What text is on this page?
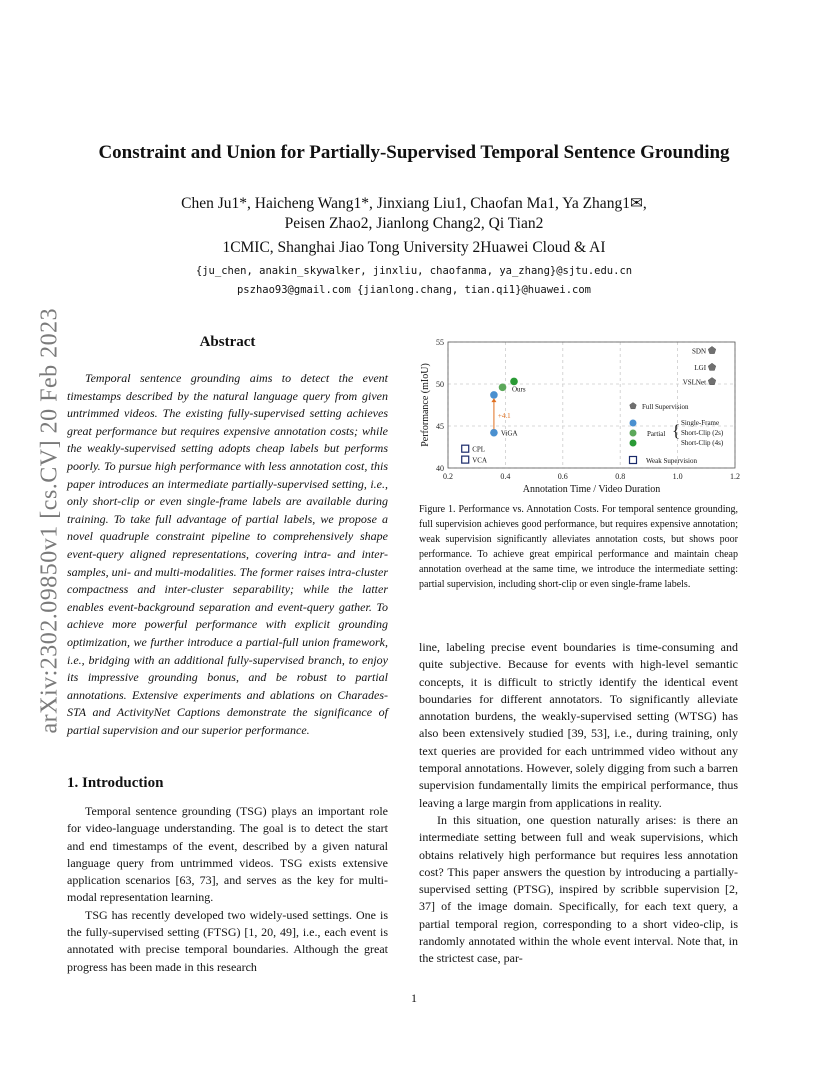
arXiv:2302.09850v1 [cs.CV] 20 Feb 2023
Constraint and Union for Partially-Supervised Temporal Sentence Grounding
Chen Ju1*, Haicheng Wang1*, Jinxiang Liu1, Chaofan Ma1, Ya Zhang1✉,
Peisen Zhao2, Jianlong Chang2, Qi Tian2
1CMIC, Shanghai Jiao Tong University 2Huawei Cloud & AI
{ju_chen, anakin_skywalker, jinxliu, chaofanma, ya_zhang}@sjtu.edu.cn
pszhao93@gmail.com {jianlong.chang, tian.qi1}@huawei.com
Abstract
Temporal sentence grounding aims to detect the event timestamps described by the natural language query from given untrimmed videos. The existing fully-supervised setting achieves great performance but requires expensive annotation costs; while the weakly-supervised setting adopts cheap labels but performs poorly. To pursue high performance with less annotation cost, this paper introduces an intermediate partially-supervised setting, i.e., only short-clip or even single-frame labels are available during training. To take full advantage of partial labels, we propose a novel quadruple constraint pipeline to comprehensively shape event-query aligned representations, covering intra- and inter-samples, uni- and multi-modalities. The former raises intra-cluster compactness and inter-cluster separability; while the latter enables event-background separation and event-query gather. To achieve more powerful performance with explicit grounding optimization, we further introduce a partial-full union framework, i.e., bridging with an additional fully-supervised branch, to enjoy its impressive grounding bonus, and be robust to partial annotations. Extensive experiments and ablations on Charades-STA and ActivityNet Captions demonstrate the significance of partial supervision and our superior performance.
1. Introduction

Temporal sentence grounding (TSG) plays an important role for video-language understanding. The goal is to detect the start and end timestamps of the event, described by a given natural language query from untrimmed videos. TSG exists extensive application scenarios [63, 73], and serves as the key for multi-modal representation learning.

TSG has recently developed two widely-used settings. One is the fully-supervised setting (FTSG) [1, 20, 49], i.e., each event is annotated with precise temporal boundaries. Although the great progress has been made in this research

0.2	0.4	0.6	0.8	1.0	1.2
40
45
50
55
Annotation Time / Video Duration
Performance (mIoU)
SDN
LGI
VSLNet
Ours
ViGA
CPL
VCA
+4.1
Full Supervision
Partial { Single-Frame
Short-Clip (2s)
Short-Clip (4s)
Weak Supervision
Figure 1. Performance vs. Annotation Costs. For temporal sentence grounding, full supervision achieves good performance, but requires expensive annotation; weak supervision significantly alleviates annotation costs, but shows poor performance. To achieve great empirical performance and maintain cheap annotation overhead at the same time, we introduce the intermediate setting: partial supervision, including short-clip or even single-frame labels.

line, labeling precise event boundaries is time-consuming and quite subjective. Because for events with high-level semantic concepts, it is difficult to strictly identify the identical event boundaries for different annotators. To significantly alleviate annotation burdens, the weakly-supervised setting (WTSG) has also been extensively studied [39, 53], i.e., during training, only text queries are provided for each untrimmed video without any temporal annotations. However, solely digging from such a barren supervision fundamentally limits the empirical performance, thus leaving a large margin from applications in reality.

In this situation, one question naturally arises: is there an intermediate setting between full and weak supervisions, which obtains relatively high performance but requires less annotation cost? This paper answers the question by introducing a partially-supervised setting (PTSG), inspired by scribble supervision [2, 37] of the image domain. Specifically, for each text query, a partial temporal region, corresponding to a short video-clip, is randomly annotated within the whole event interval. Note that, in the strictest case, par-

1
